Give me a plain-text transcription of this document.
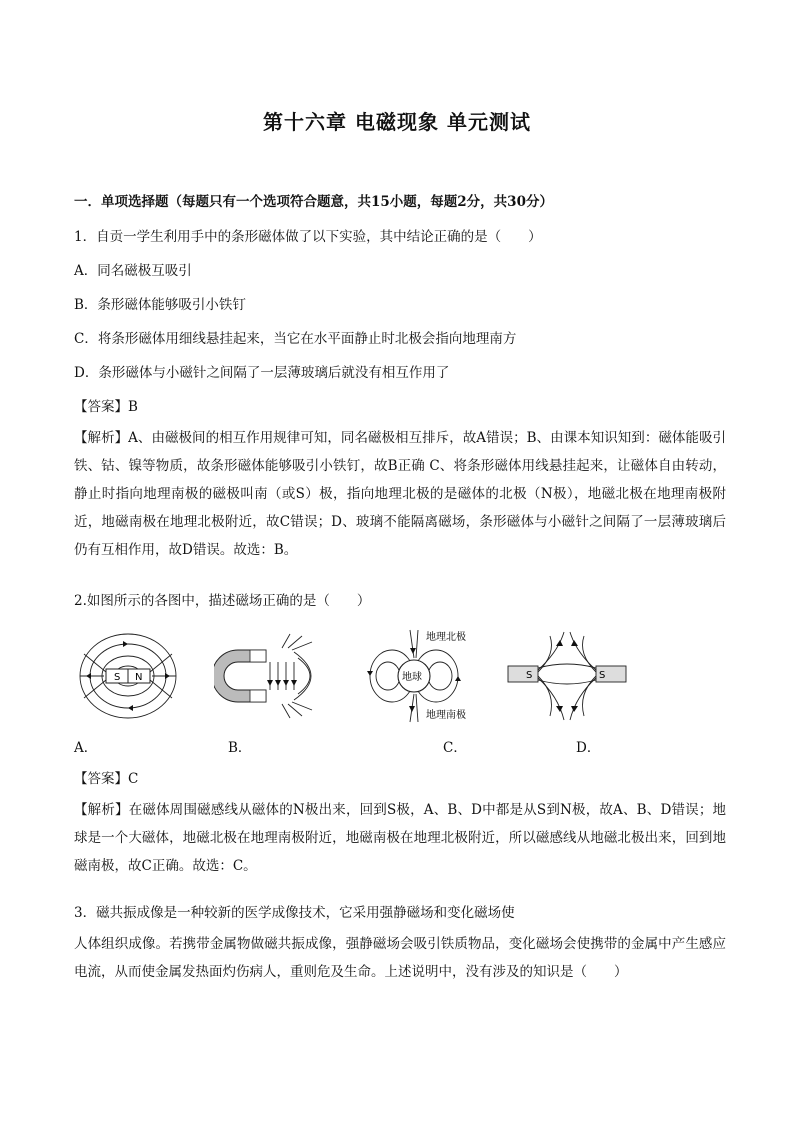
第十六章 电磁现象 单元测试
一．单项选择题（每题只有一个选项符合题意，共15小题，每题2分，共30分）
1．自贡一学生利用手中的条形磁体做了以下实验，其中结论正确的是（　　）
A．同名磁极互吸引
B．条形磁体能够吸引小铁钉
C．将条形磁体用细线悬挂起来，当它在水平面静止时北极会指向地理南方
D．条形磁体与小磁针之间隔了一层薄玻璃后就没有相互作用了
【答案】B
【解析】A、由磁极间的相互作用规律可知，同名磁极相互排斥，故A错误；B、由课本知识知到：磁体能吸引铁、钴、镍等物质，故条形磁体能够吸引小铁钉，故B正确 C、将条形磁体用线悬挂起来，让磁体自由转动，静止时指向地理南极的磁极叫南（或S）极，指向地理北极的是磁体的北极（N极），地磁北极在地理南极附近，地磁南极在地理北极附近，故C错误；D、玻璃不能隔离磁场，条形磁体与小磁针之间隔了一层薄玻璃后仍有互相作用，故D错误。故选：B。
2.如图所示的各图中，描述磁场正确的是（　　）
S N	地球
地理北极
地理南极
S	S
A．	B．	C．	D．
【答案】C
【解析】在磁体周围磁感线从磁体的N极出来，回到S极，A、B、D中都是从S到N极，故A、B、D错误；地球是一个大磁体，地磁北极在地理南极附近，地磁南极在地理北极附近，所以磁感线从地磁北极出来，回到地磁南极，故C正确。故选：C。
3．磁共振成像是一种较新的医学成像技术，它采用强静磁场和变化磁场使
人体组织成像。若携带金属物做磁共振成像，强静磁场会吸引铁质物品，变化磁场会使携带的金属中产生感应电流，从而使金属发热面灼伤病人，重则危及生命。上述说明中，没有涉及的知识是（　　）
